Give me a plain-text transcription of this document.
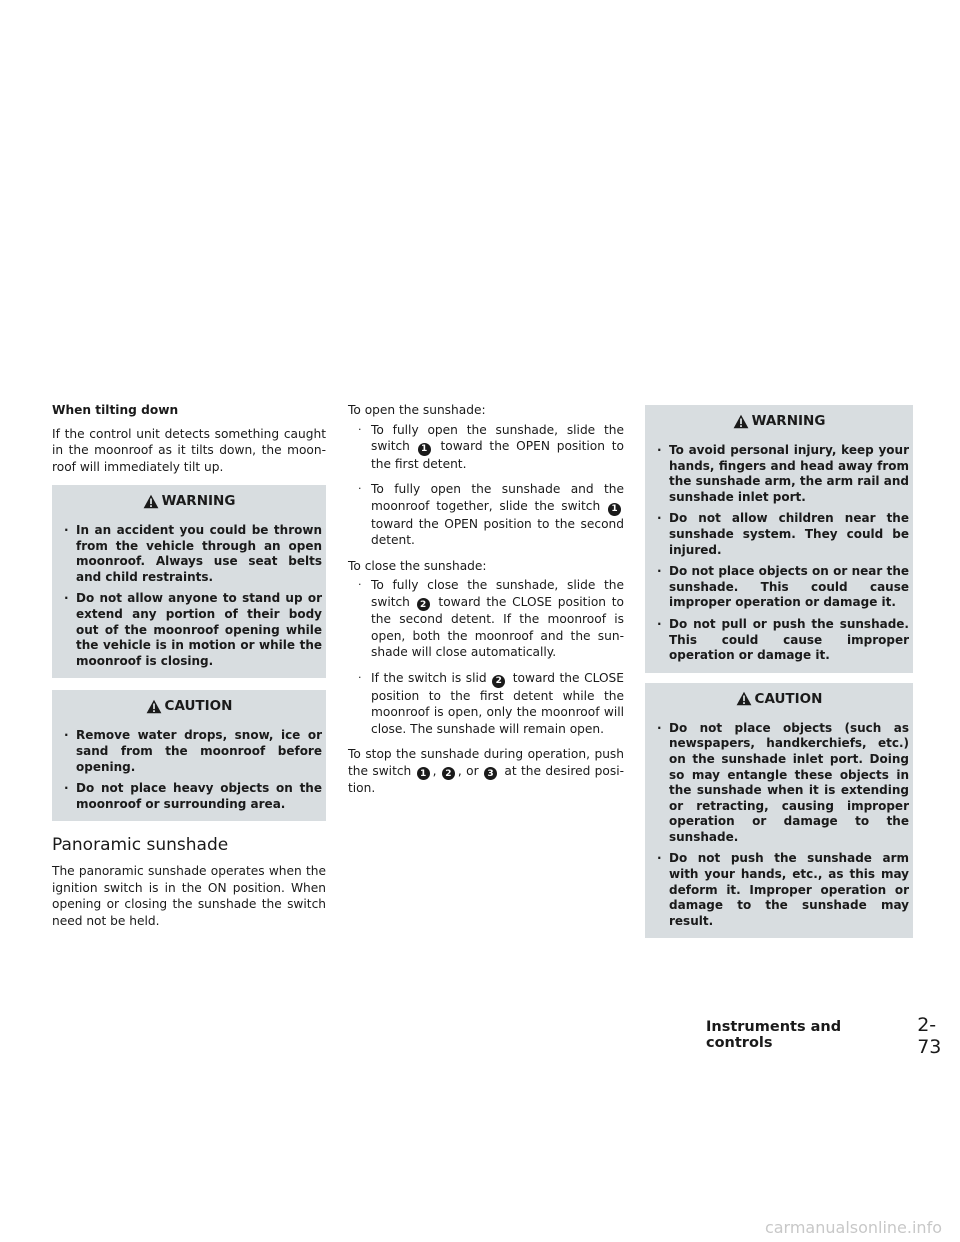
When tilting down

If the control unit detects something caught in the moonroof as it tilts down, the moonroof will immediately tilt up.

WARNING
· In an accident you could be thrown from the vehicle through an open moonroof. Always use seat belts and child restraints.
· Do not allow anyone to stand up or extend any portion of their body out of the moonroof opening while the vehicle is in motion or while the moonroof is closing.
CAUTION
· Remove water drops, snow, ice or sand from the moonroof before opening.
· Do not place heavy objects on the moonroof or surrounding area.
Panoramic sunshade

The panoramic sunshade operates when the ignition switch is in the ON position. When opening or closing the sunshade the switch need not be held.

To open the sunshade:

· To fully open the sunshade, slide the switch 1 toward the OPEN position to the first detent.
· To fully open the sunshade and the moonroof together, slide the switch 1 toward the OPEN position to the second detent.

To close the sunshade:

· To fully close the sunshade, slide the switch 2 toward the CLOSE position to the second detent. If the moonroof is open, both the moonroof and the sunshade will close automatically.
· If the switch is slid 2 toward the CLOSE position to the first detent while the moonroof is open, only the moonroof will close. The sunshade will remain open.

To stop the sunshade during operation, push the switch 1 , 2 , or 3 at the desired position.

WARNING
· To avoid personal injury, keep your hands, fingers and head away from the sunshade arm, the arm rail and sunshade inlet port.
· Do not allow children near the sunshade system. They could be injured.
· Do not place objects on or near the sunshade. This could cause improper operation or damage it.
· Do not pull or push the sunshade. This could cause improper operation or damage it.
CAUTION
· Do not place objects (such as newspapers, handkerchiefs, etc.) on the sunshade inlet port. Doing so may entangle these objects in the sunshade when it is extending or retracting, causing improper operation or damage to the sunshade.
· Do not push the sunshade arm with your hands, etc., as this may deform it. Improper operation or damage to the sunshade may result.
Instruments and controls
2-73
carmanualsonline.info
